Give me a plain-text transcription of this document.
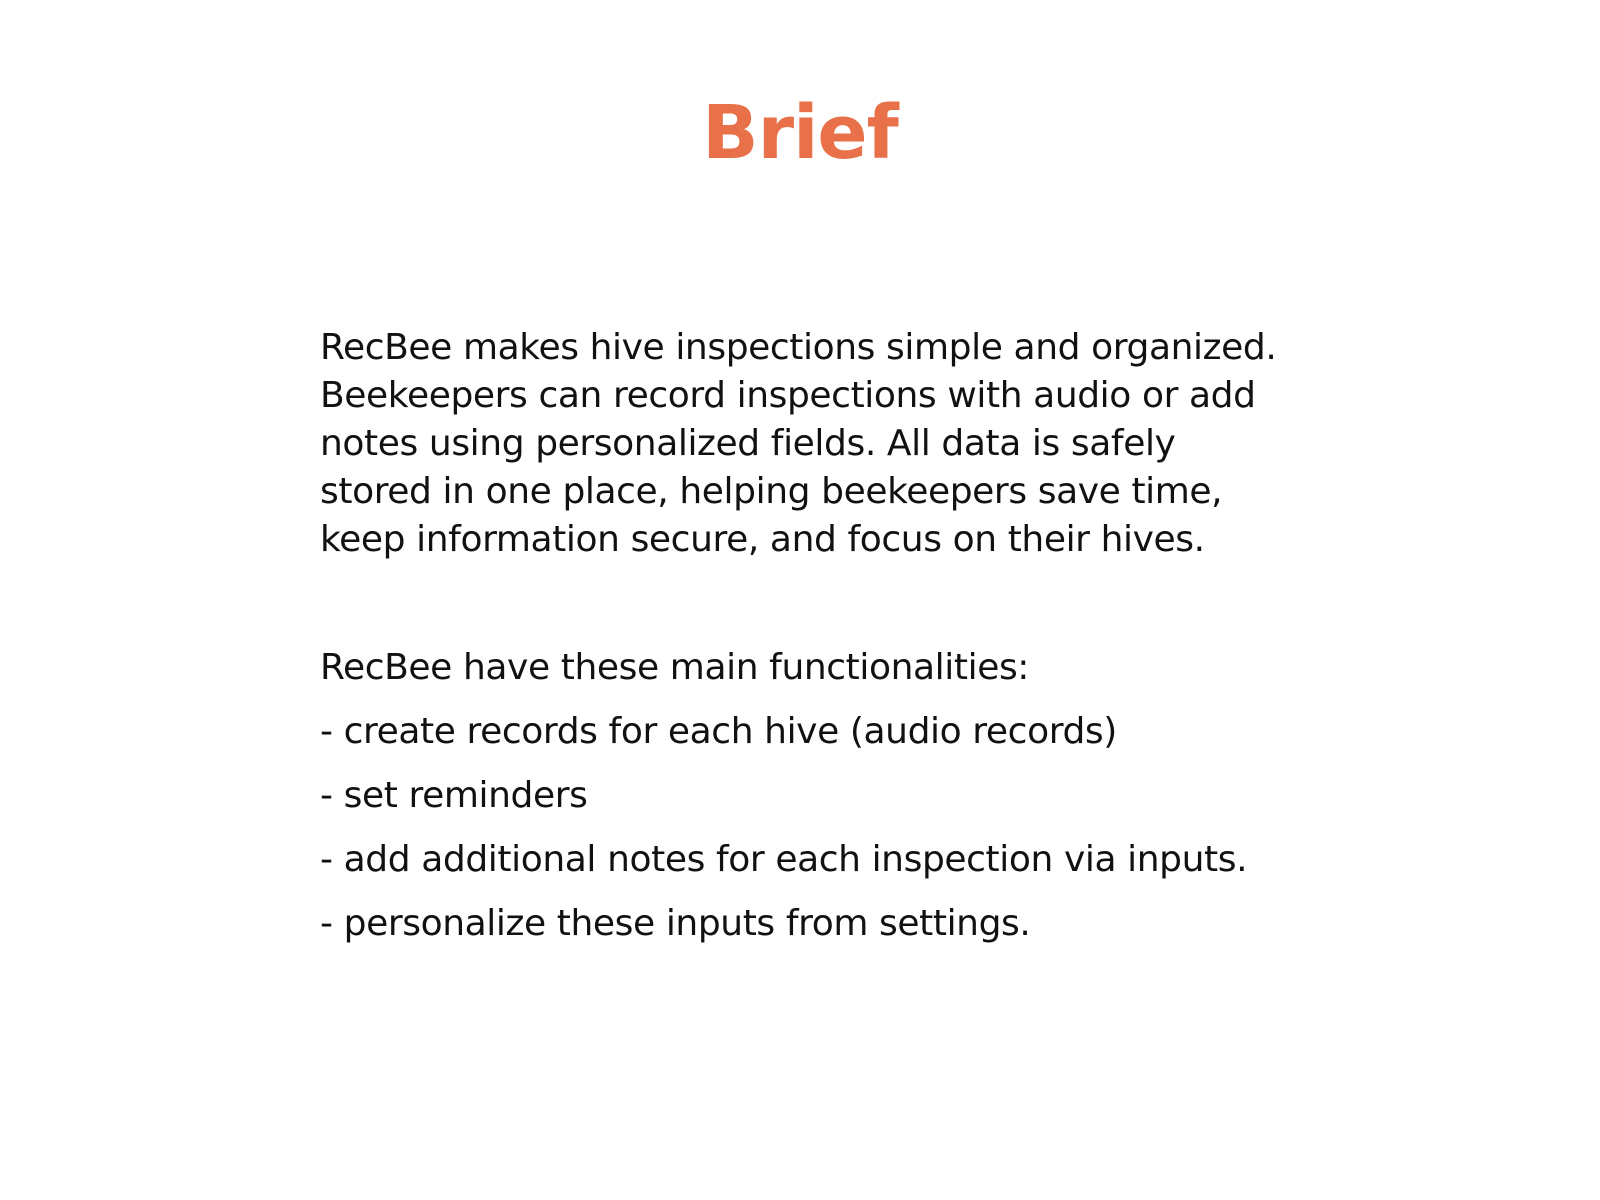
Brief

RecBee makes hive inspections simple and organized.
Beekeepers can record inspections with audio or add
notes using personalized fields. All data is safely
stored in one place, helping beekeepers save time,
keep information secure, and focus on their hives.

RecBee have these main functionalities:

- create records for each hive (audio records)
- set reminders
- add additional notes for each inspection via inputs.
- personalize these inputs from settings.
